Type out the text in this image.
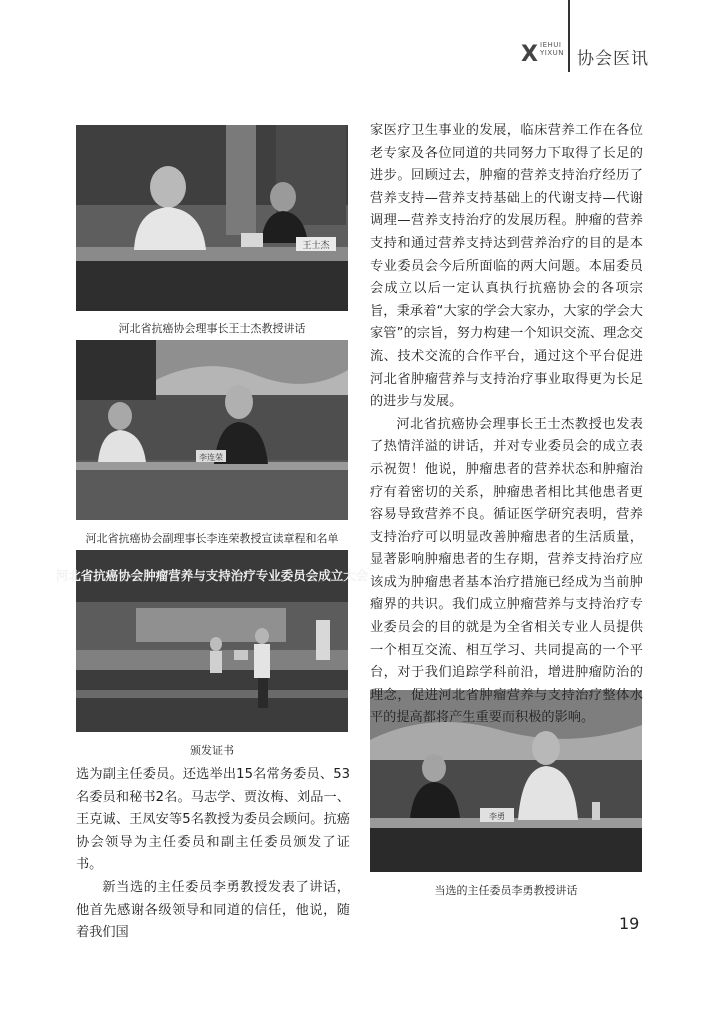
X IEHUI
YIXUN 协会医讯
王士杰
河北省抗癌协会理事长王士杰教授讲话
李连荣
河北省抗癌协会副理事长李连荣教授宣读章程和名单
河北省抗癌协会肿瘤营养与支持治疗专业委员会成立大会
颁发证书
李勇
当选的主任委员李勇教授讲话

选为副主任委员。还选举出15名常务委员、53名委员和秘书2名。马志学、贾汝梅、刘品一、王克诚、王凤安等5名教授为委员会顾问。抗癌协会领导为主任委员和副主任委员颁发了证书。

新当选的主任委员李勇教授发表了讲话，他首先感谢各级领导和同道的信任，他说，随着我们国

家医疗卫生事业的发展，临床营养工作在各位老专家及各位同道的共同努力下取得了长足的进步。回顾过去，肿瘤的营养支持治疗经历了营养支持—营养支持基础上的代谢支持—代谢调理—营养支持治疗的发展历程。肿瘤的营养支持和通过营养支持达到营养治疗的目的是本专业委员会今后所面临的两大问题。本届委员会成立以后一定认真执行抗癌协会的各项宗旨，秉承着“大家的学会大家办，大家的学会大家管”的宗旨，努力构建一个知识交流、理念交流、技术交流的合作平台，通过这个平台促进河北省肿瘤营养与支持治疗事业取得更为长足的进步与发展。

河北省抗癌协会理事长王士杰教授也发表了热情洋溢的讲话，并对专业委员会的成立表示祝贺！他说，肿瘤患者的营养状态和肿瘤治疗有着密切的关系，肿瘤患者相比其他患者更容易导致营养不良。循证医学研究表明，营养支持治疗可以明显改善肿瘤患者的生活质量，显著影响肿瘤患者的生存期，营养支持治疗应该成为肿瘤患者基本治疗措施已经成为当前肿瘤界的共识。我们成立肿瘤营养与支持治疗专业委员会的目的就是为全省相关专业人员提供一个相互交流、相互学习、共同提高的一个平台，对于我们追踪学科前沿，增进肿瘤防治的理念，促进河北省肿瘤营养与支持治疗整体水平的提高都将产生重要而积极的影响。

19
